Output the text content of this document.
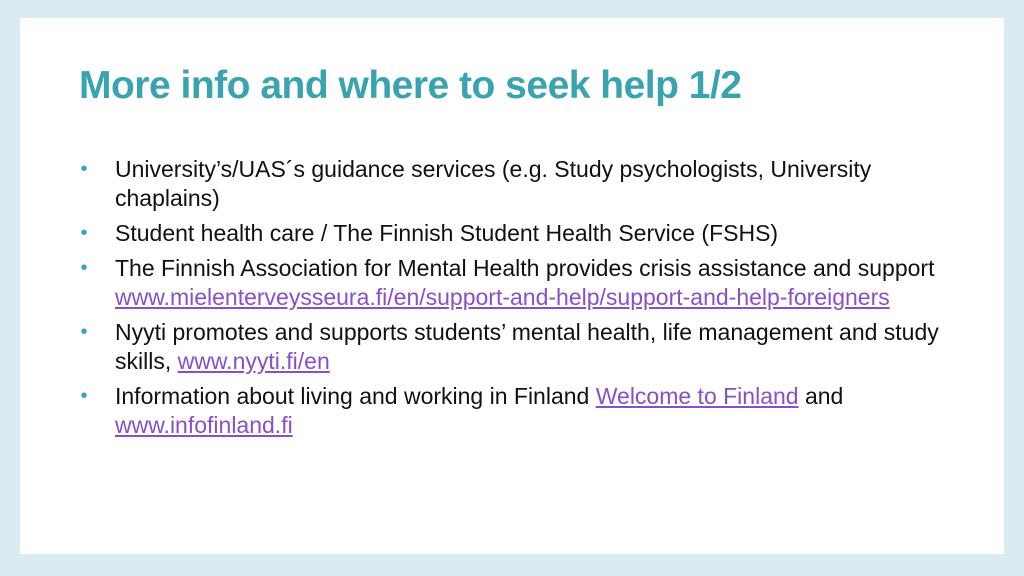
More info and where to seek help 1/2
• University’s/UAS´s guidance services (e.g. Study psychologists, University chaplains)
• Student health care / The Finnish Student Health Service (FSHS)
• The Finnish Association for Mental Health provides crisis assistance and support www.mielenterveysseura.fi/en/support-and-help/support-and-help-foreigners
• Nyyti promotes and supports students’ mental health, life management and study skills, www.nyyti.fi/en
• Information about living and working in Finland Welcome to Finland and www.infofinland.fi
